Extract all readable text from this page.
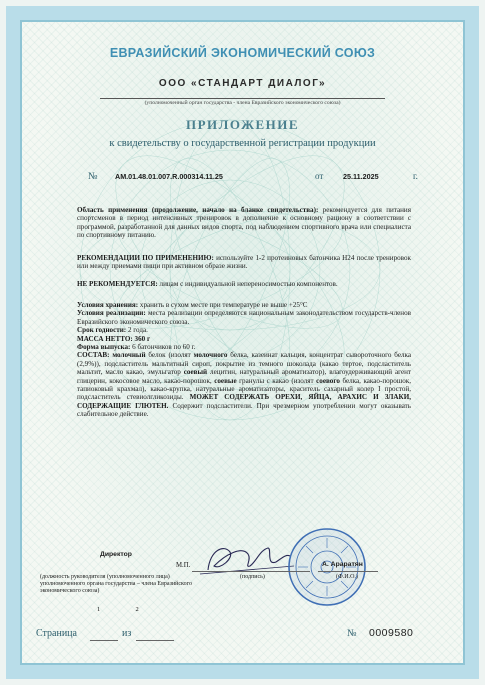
ЕВРАЗИЙСКИЙ ЭКОНОМИЧЕСКИЙ СОЮЗ
ООО «СТАНДАРТ ДИАЛОГ»
(уполномоченный орган государства - члена Евразийского экономического союза)
ПРИЛОЖЕНИЕ
к свидетельству о государственной регистрации продукции
№ AM.01.48.01.007.R.000314.11.25	от	25.11.2025	г.
Область применения (продолжение, начало на бланке свидетельства): рекомендуется для питания спортсменов в период интенсивных тренировок в дополнение к основному рациону в соответствии с программой, разработанной для данных видов спорта, под наблюдением спортивного врача или специалиста по спортивному питанию.
РЕКОМЕНДАЦИИ ПО ПРИМЕНЕНИЮ: используйте 1-2 протеиновых батончика H24 после тренировок или между приемами пищи при активном образе жизни.
НЕ РЕКОМЕНДУЕТСЯ: лицам с индивидуальной непереносимостью компонентов.
Условия хранения: хранить в сухом месте при температуре не выше +25°С
Условия реализации: места реализации определяются национальным законодательством государств-членов Евразийского экономического союза.
Срок годности: 2 года.
МАССА НЕТТО: 360 г
Форма выпуска: 6 батончиков по 60 г.
СОСТАВ: молочный белок (изолят молочного белка, казеинат кальция, концентрат сывороточного белка (2,9%)), подсластитель мальтитный сироп, покрытие из темного шоколада (какао тертое, подсластитель мальтит, масло какао, эмульгатор соевый лецитин, натуральный ароматизатор), влагоудерживающий агент глицерин, кокосовое масло, какао-порошок, соевые гранулы с какао (изолят соевого белка, какао-порошок, тапиоковый крахмал), какао-крупка, натуральные ароматизаторы, краситель сахарный колер I простой, подсластитель стевиолгликозиды. МОЖЕТ СОДЕРЖАТЬ ОРЕХИ, ЯЙЦА, АРАХИС И ЗЛАКИ, СОДЕРЖАЩИЕ ГЛЮТЕН. Содержит подсластители. При чрезмерном употреблении могут оказывать слабительное действие.
Директор
М.П.
(подпись)
А. Араратян
(Ф.И.О.)
(должность руководителя (уполномоченного лица) уполномоченного органа государства – члена Евразийского экономического союза)
1	2
Страница	из	№ 0009580
